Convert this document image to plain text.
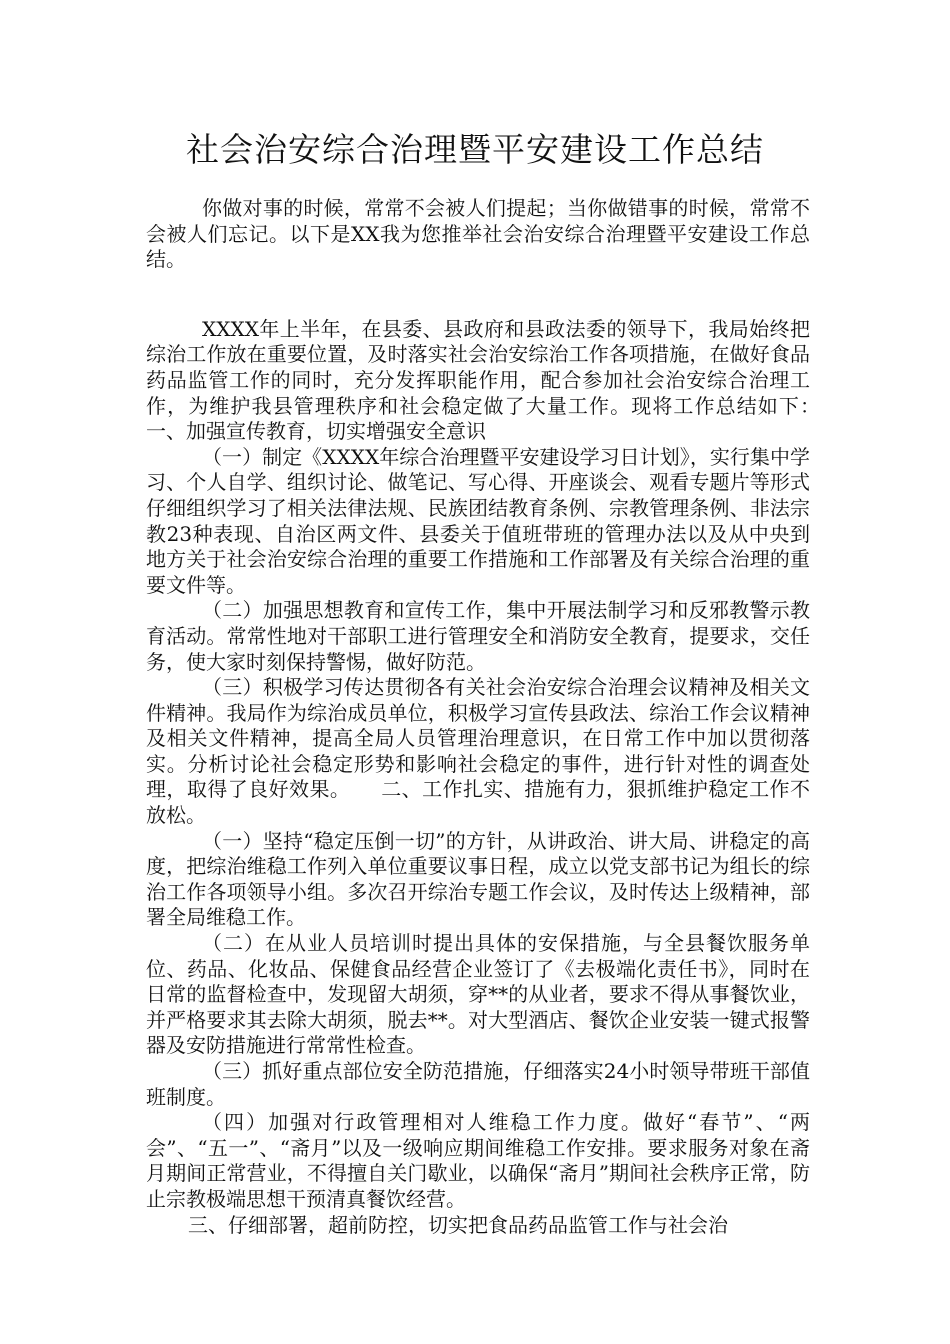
社会治安综合治理暨平安建设工作总结

你做对事的时候，常常不会被人们提起；当你做错事的时候，常常不会被人们忘记。以下是XX我为您推举社会治安综合治理暨平安建设工作总结。

XXXX年上半年，在县委、县政府和县政法委的领导下，我局始终把综治工作放在重要位置，及时落实社会治安综治工作各项措施，在做好食品药品监管工作的同时，充分发挥职能作用，配合参加社会治安综合治理工作，为维护我县管理秩序和社会稳定做了大量工作。现将工作总结如下：　　　一、加强宣传教育，切实增强安全意识

（一）制定《XXXX年综合治理暨平安建设学习日计划》，实行集中学习、个人自学、组织讨论、做笔记、写心得、开座谈会、观看专题片等形式仔细组织学习了相关法律法规、民族团结教育条例、宗教管理条例、非法宗教23种表现、自治区两文件、县委关于值班带班的管理办法以及从中央到地方关于社会治安综合治理的重要工作措施和工作部署及有关综合治理的重要文件等。

（二）加强思想教育和宣传工作，集中开展法制学习和反邪教警示教育活动。常常性地对干部职工进行管理安全和消防安全教育，提要求，交任务，使大家时刻保持警惕，做好防范。

（三）积极学习传达贯彻各有关社会治安综合治理会议精神及相关文件精神。我局作为综治成员单位，积极学习宣传县政法、综治工作会议精神及相关文件精神，提高全局人员管理治理意识，在日常工作中加以贯彻落实。分析讨论社会稳定形势和影响社会稳定的事件，进行针对性的调查处理，取得了良好效果。　　二、工作扎实、措施有力，狠抓维护稳定工作不放松。

（一）坚持“稳定压倒一切”的方针，从讲政治、讲大局、讲稳定的高度，把综治维稳工作列入单位重要议事日程，成立以党支部书记为组长的综治工作各项领导小组。多次召开综治专题工作会议，及时传达上级精神，部署全局维稳工作。

（二）在从业人员培训时提出具体的安保措施，与全县餐饮服务单位、药品、化妆品、保健食品经营企业签订了《去极端化责任书》，同时在日常的监督检查中，发现留大胡须，穿**的从业者，要求不得从事餐饮业，并严格要求其去除大胡须，脱去**。对大型酒店、餐饮企业安装一键式报警器及安防措施进行常常性检查。

（三）抓好重点部位安全防范措施，仔细落实24小时领导带班干部值班制度。

（四）加强对行政管理相对人维稳工作力度。做好“春节”、“两会”、“五一”、“斋月”以及一级响应期间维稳工作安排。要求服务对象在斋月期间正常营业，不得擅自关门歇业，以确保“斋月”期间社会秩序正常，防止宗教极端思想干预清真餐饮经营。

三、仔细部署，超前防控，切实把食品药品监管工作与社会治
